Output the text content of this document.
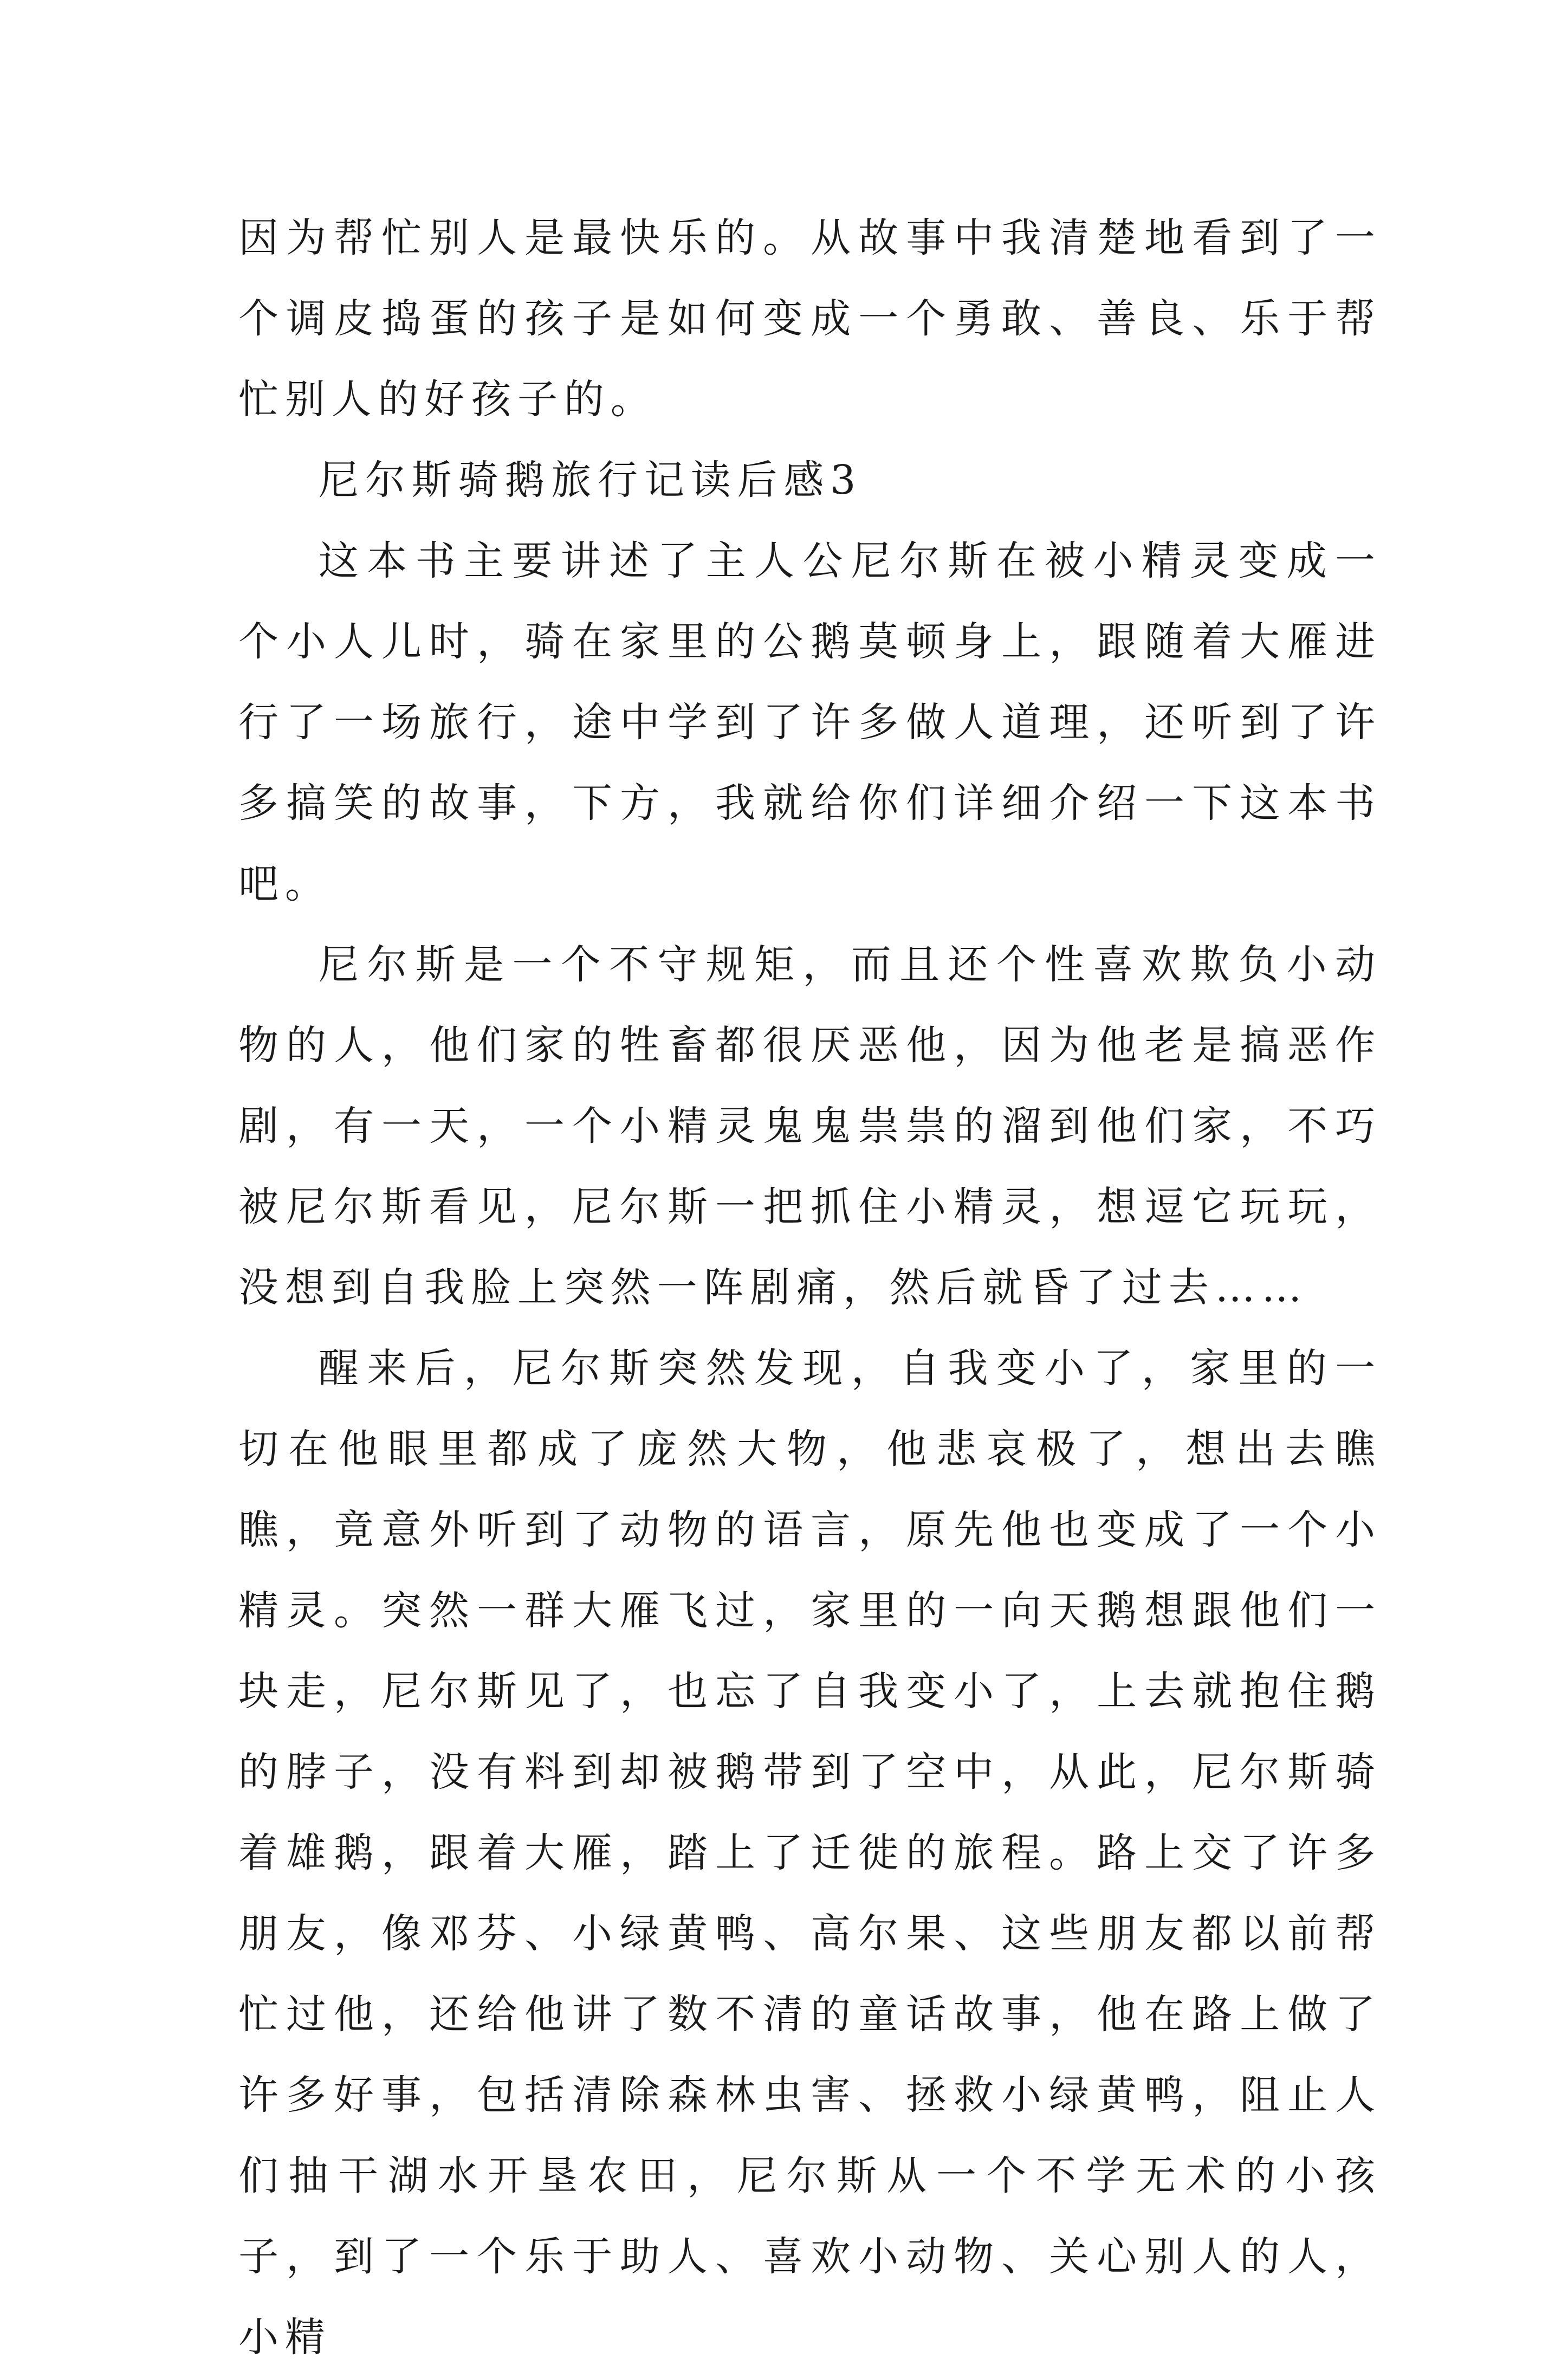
因为帮忙别人是最快乐的。从故事中我清楚地看到了一个调皮捣蛋的孩子是如何变成一个勇敢、善良、乐于帮忙别人的好孩子的。

尼尔斯骑鹅旅行记读后感3

这本书主要讲述了主人公尼尔斯在被小精灵变成一个小人儿时，骑在家里的公鹅莫顿身上，跟随着大雁进行了一场旅行，途中学到了许多做人道理，还听到了许多搞笑的故事，下方，我就给你们详细介绍一下这本书吧。

尼尔斯是一个不守规矩，而且还个性喜欢欺负小动物的人，他们家的牲畜都很厌恶他，因为他老是搞恶作剧，有一天，一个小精灵鬼鬼祟祟的溜到他们家，不巧被尼尔斯看见，尼尔斯一把抓住小精灵，想逗它玩玩，没想到自我脸上突然一阵剧痛，然后就昏了过去……

醒来后，尼尔斯突然发现，自我变小了，家里的一切在他眼里都成了庞然大物，他悲哀极了，想出去瞧瞧，竟意外听到了动物的语言，原先他也变成了一个小精灵。突然一群大雁飞过，家里的一向天鹅想跟他们一块走，尼尔斯见了，也忘了自我变小了，上去就抱住鹅的脖子，没有料到却被鹅带到了空中，从此，尼尔斯骑着雄鹅，跟着大雁，踏上了迁徙的旅程。路上交了许多朋友，像邓芬、小绿黄鸭、高尔果、这些朋友都以前帮忙过他，还给他讲了数不清的童话故事，他在路上做了许多好事，包括清除森林虫害、拯救小绿黄鸭，阻止人们抽干湖水开垦农田，尼尔斯从一个不学无术的小孩子，到了一个乐于助人、喜欢小动物、关心别人的人，小精
